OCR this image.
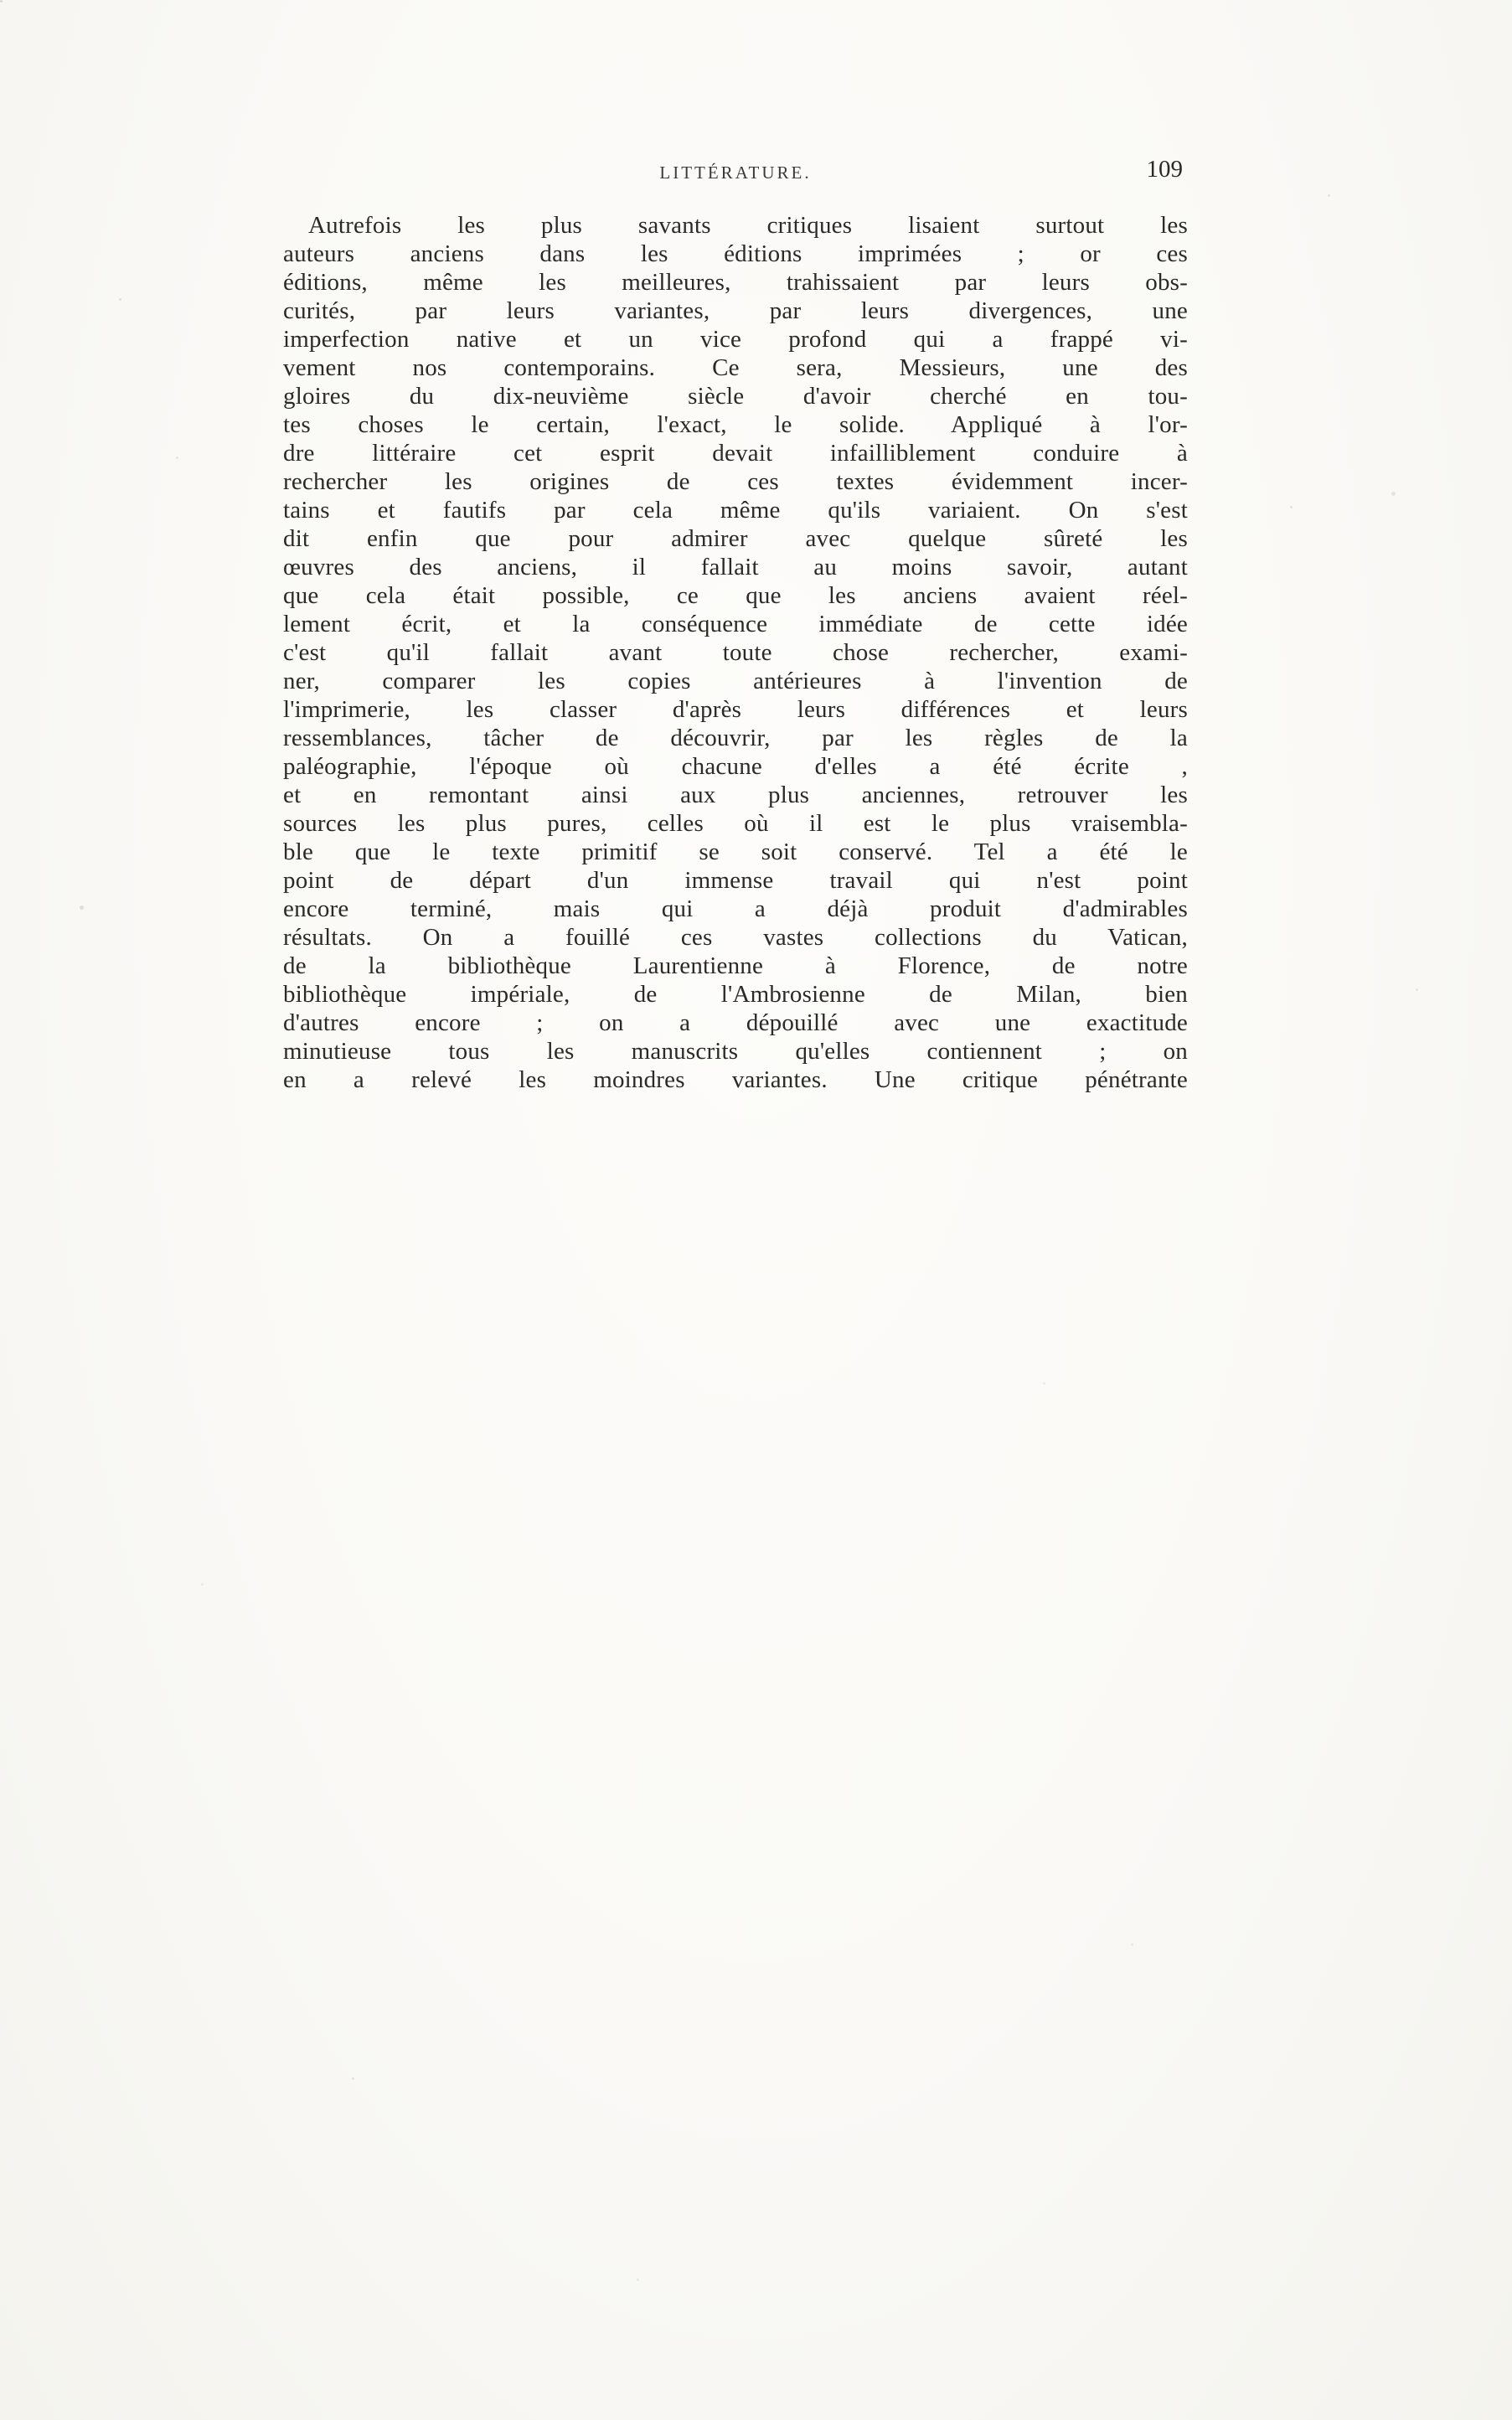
LITTÉRATURE.	109
Autrefois les plus savants critiques lisaient surtout les
auteurs anciens dans les éditions imprimées ; or ces
éditions, même les meilleures, trahissaient par leurs obs-
curités, par leurs variantes, par leurs divergences, une
imperfection native et un vice profond qui a frappé vi-
vement nos contemporains. Ce sera, Messieurs, une des
gloires du dix-neuvième siècle d'avoir cherché en tou-
tes choses le certain, l'exact, le solide. Appliqué à l'or-
dre littéraire cet esprit devait infailliblement conduire à
rechercher les origines de ces textes évidemment incer-
tains et fautifs par cela même qu'ils variaient. On s'est
dit enfin que pour admirer avec quelque sûreté les
œuvres des anciens, il fallait au moins savoir, autant
que cela était possible, ce que les anciens avaient réel-
lement écrit, et la conséquence immédiate de cette idée
c'est qu'il fallait avant toute chose rechercher, exami-
ner, comparer les copies antérieures à l'invention de
l'imprimerie, les classer d'après leurs différences et leurs
ressemblances, tâcher de découvrir, par les règles de la
paléographie, l'époque où chacune d'elles a été écrite ,
et en remontant ainsi aux plus anciennes, retrouver les
sources les plus pures, celles où il est le plus vraisembla-
ble que le texte primitif se soit conservé. Tel a été le
point de départ d'un immense travail qui n'est point
encore terminé, mais qui a déjà produit d'admirables
résultats. On a fouillé ces vastes collections du Vatican,
de la bibliothèque Laurentienne à Florence, de notre
bibliothèque impériale, de l'Ambrosienne de Milan, bien
d'autres encore ; on a dépouillé avec une exactitude
minutieuse tous les manuscrits qu'elles contiennent ; on
en a relevé les moindres variantes. Une critique pénétrante
